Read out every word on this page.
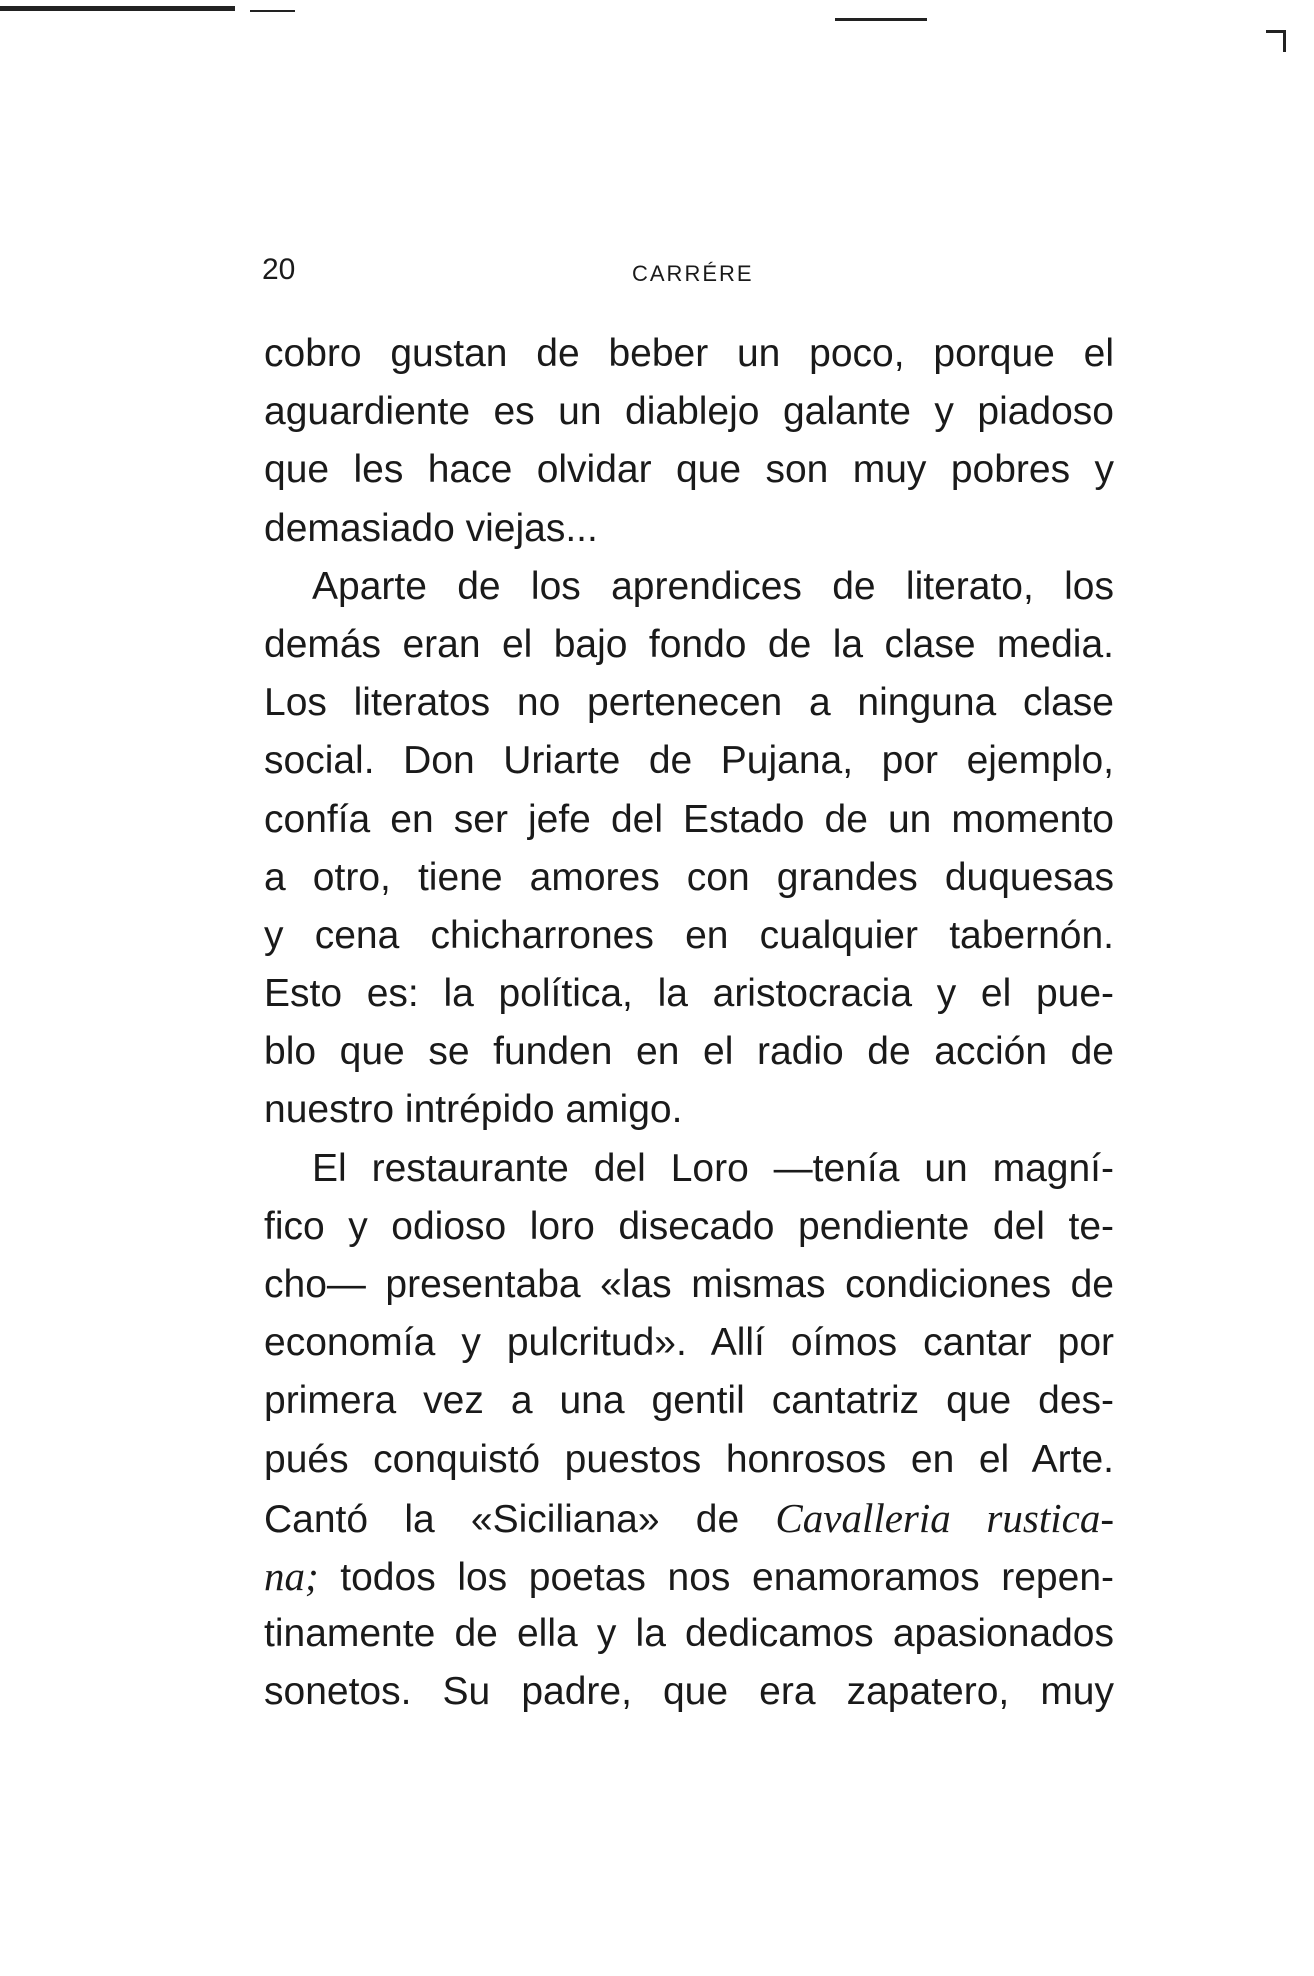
20	CARRÉRE
cobro gustan de beber un poco, porque el
aguardiente es un diablejo galante y piadoso
que les hace olvidar que son muy pobres y
demasiado viejas...
Aparte de los aprendices de literato, los
demás eran el bajo fondo de la clase media.
Los literatos no pertenecen a ninguna clase
social. Don Uriarte de Pujana, por ejemplo,
confía en ser jefe del Estado de un momento
a otro, tiene amores con grandes duquesas
y cena chicharrones en cualquier tabernón.
Esto es: la política, la aristocracia y el pue-
blo que se funden en el radio de acción de
nuestro intrépido amigo.
El restaurante del Loro —tenía un magní-
fico y odioso loro disecado pendiente del te-
cho— presentaba «las mismas condiciones de
economía y pulcritud». Allí oímos cantar por
primera vez a una gentil cantatriz que des-
pués conquistó puestos honrosos en el Arte.
Cantó la «Siciliana» de Cavalleria rustica-
na; todos los poetas nos enamoramos repen-
tinamente de ella y la dedicamos apasionados
sonetos. Su padre, que era zapatero, muy
